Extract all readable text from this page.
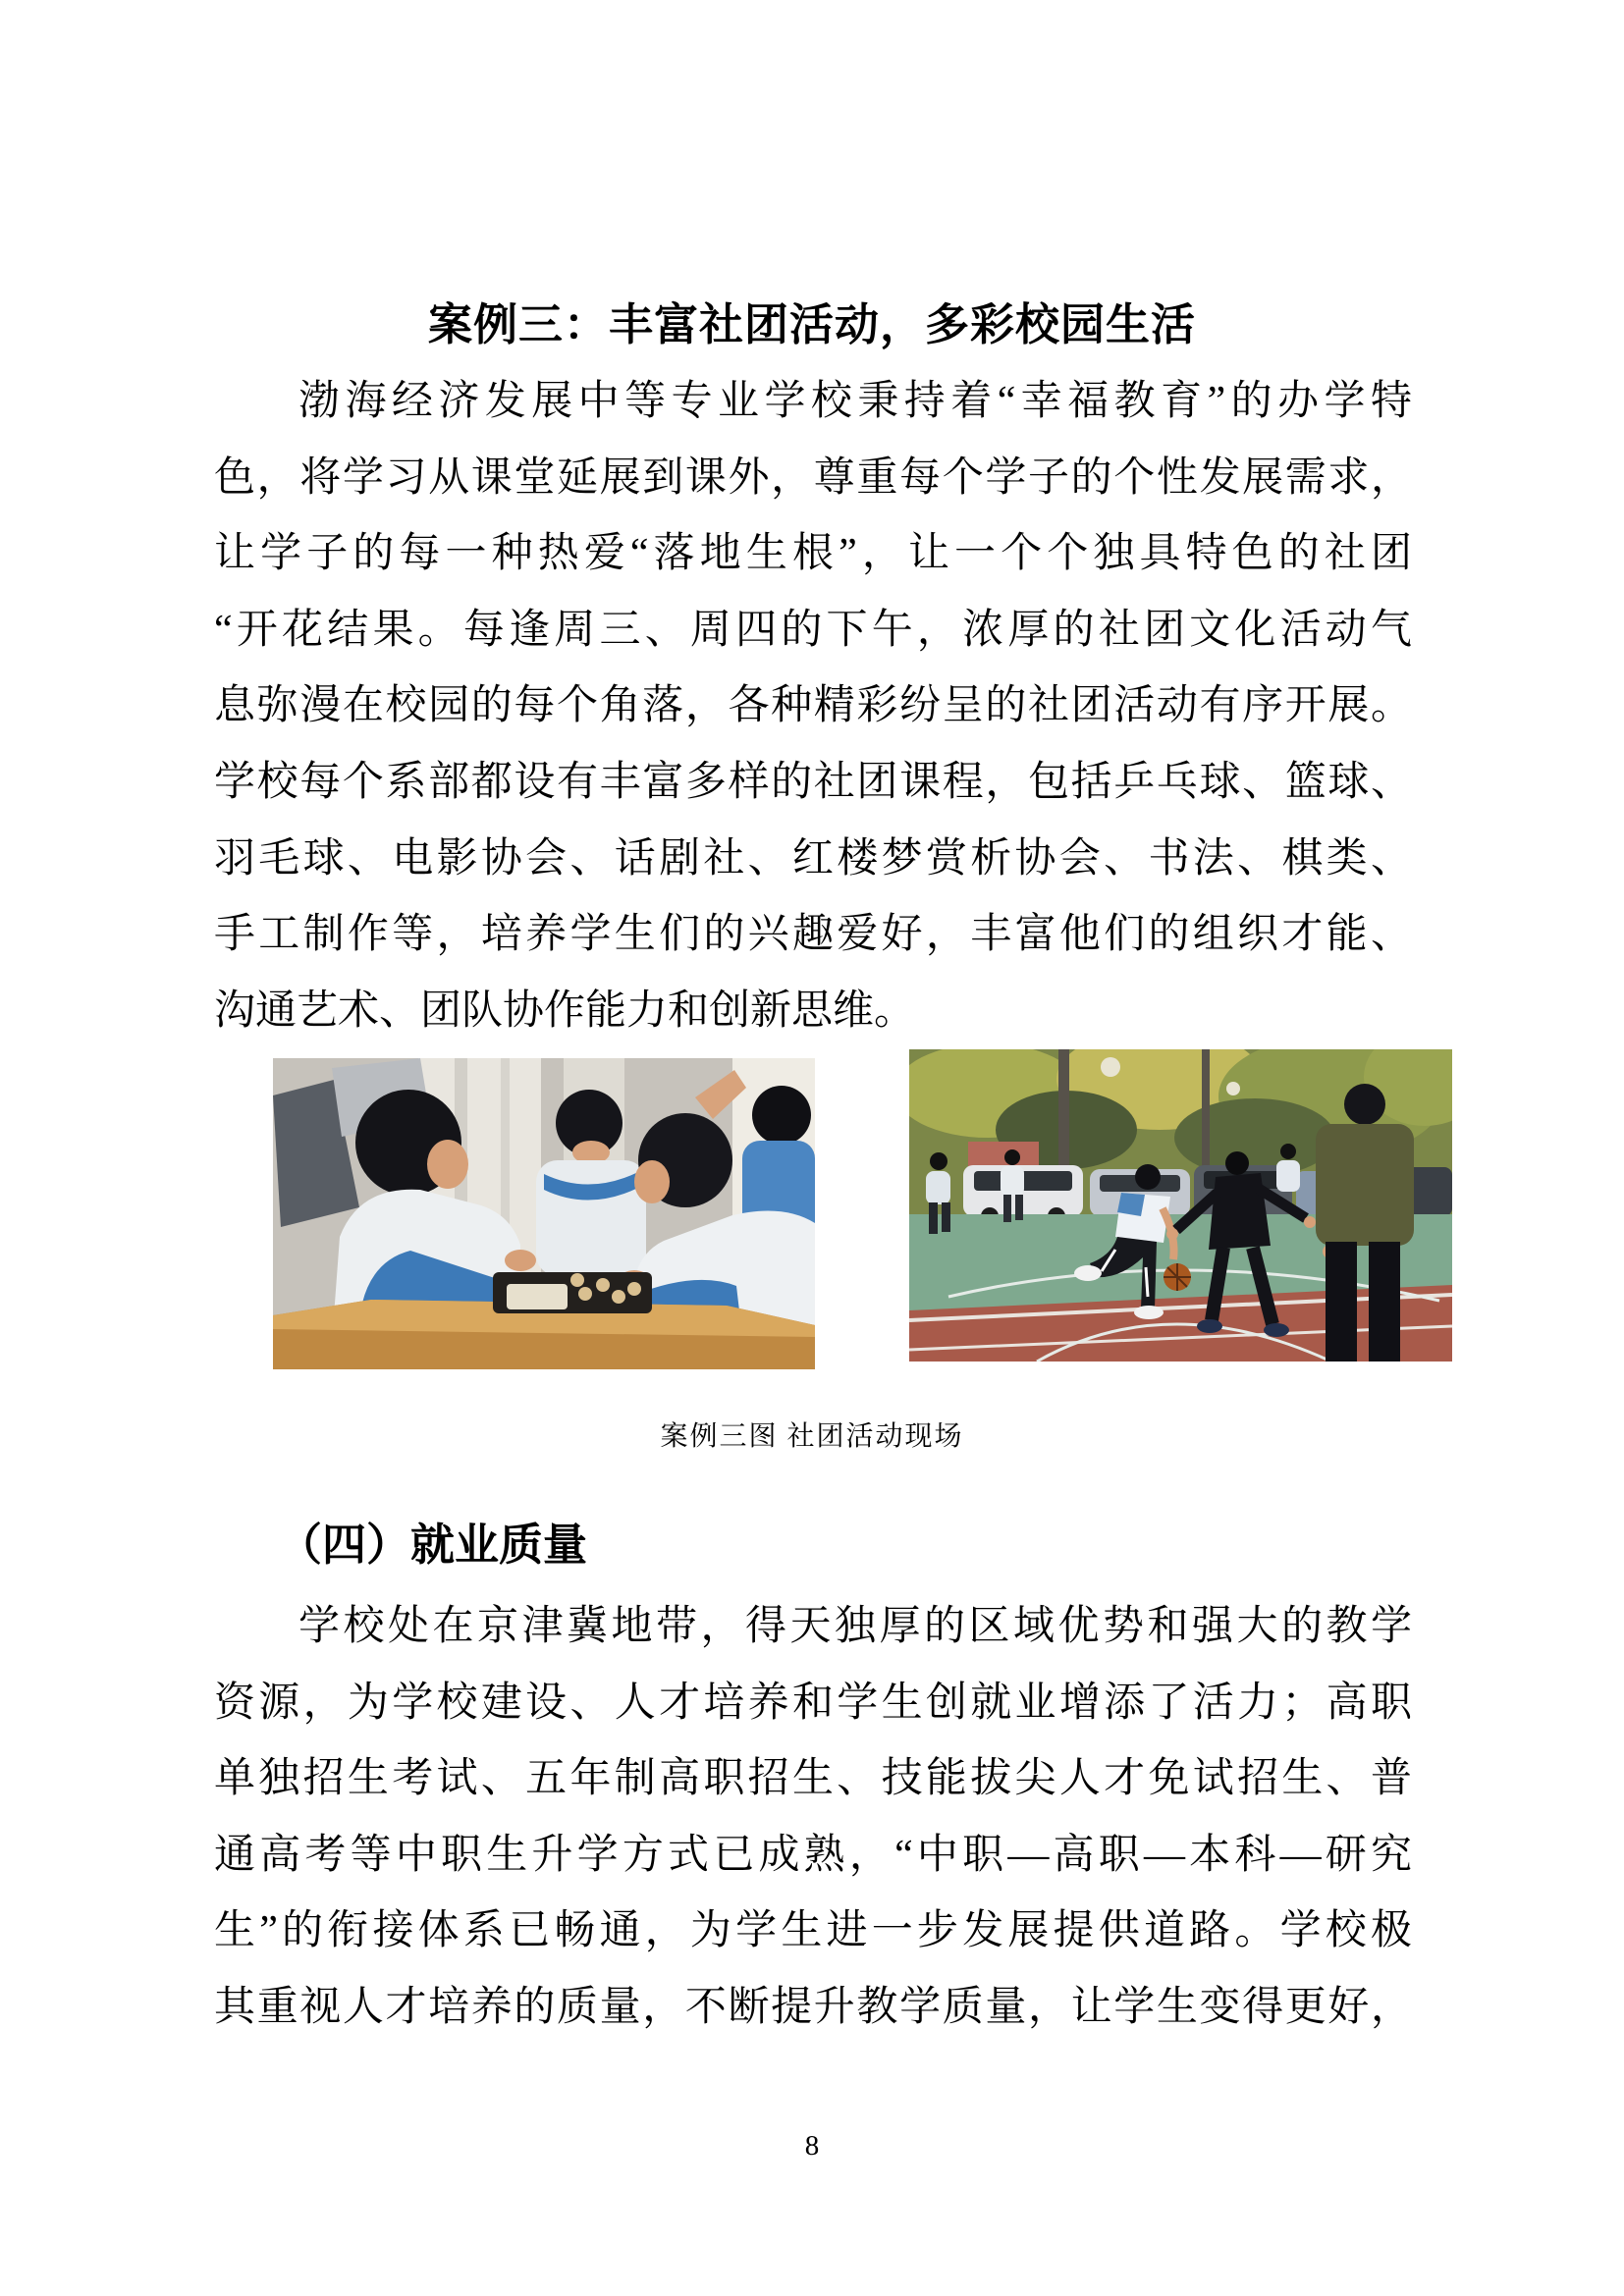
案例三：丰富社团活动，多彩校园生活
渤海经济发展中等专业学校秉持着“幸福教育”的办学特
色，将学习从课堂延展到课外，尊重每个学子的个性发展需求，
让学子的每一种热爱“落地生根”，让一个个独具特色的社团
“开花结果。每逢周三、周四的下午，浓厚的社团文化活动气
息弥漫在校园的每个角落，各种精彩纷呈的社团活动有序开展。
学校每个系部都设有丰富多样的社团课程，包括乒乓球、篮球、
羽毛球、电影协会、话剧社、红楼梦赏析协会、书法、棋类、
手工制作等，培养学生们的兴趣爱好，丰富他们的组织才能、
沟通艺术、团队协作能力和创新思维。
案例三图 社团活动现场
（四）就业质量
学校处在京津冀地带，得天独厚的区域优势和强大的教学
资源，为学校建设、人才培养和学生创就业增添了活力；高职
单独招生考试、五年制高职招生、技能拔尖人才免试招生、普
通高考等中职生升学方式已成熟，“中职—高职—本科—研究
生”的衔接体系已畅通，为学生进一步发展提供道路。学校极
其重视人才培养的质量，不断提升教学质量，让学生变得更好，
8
